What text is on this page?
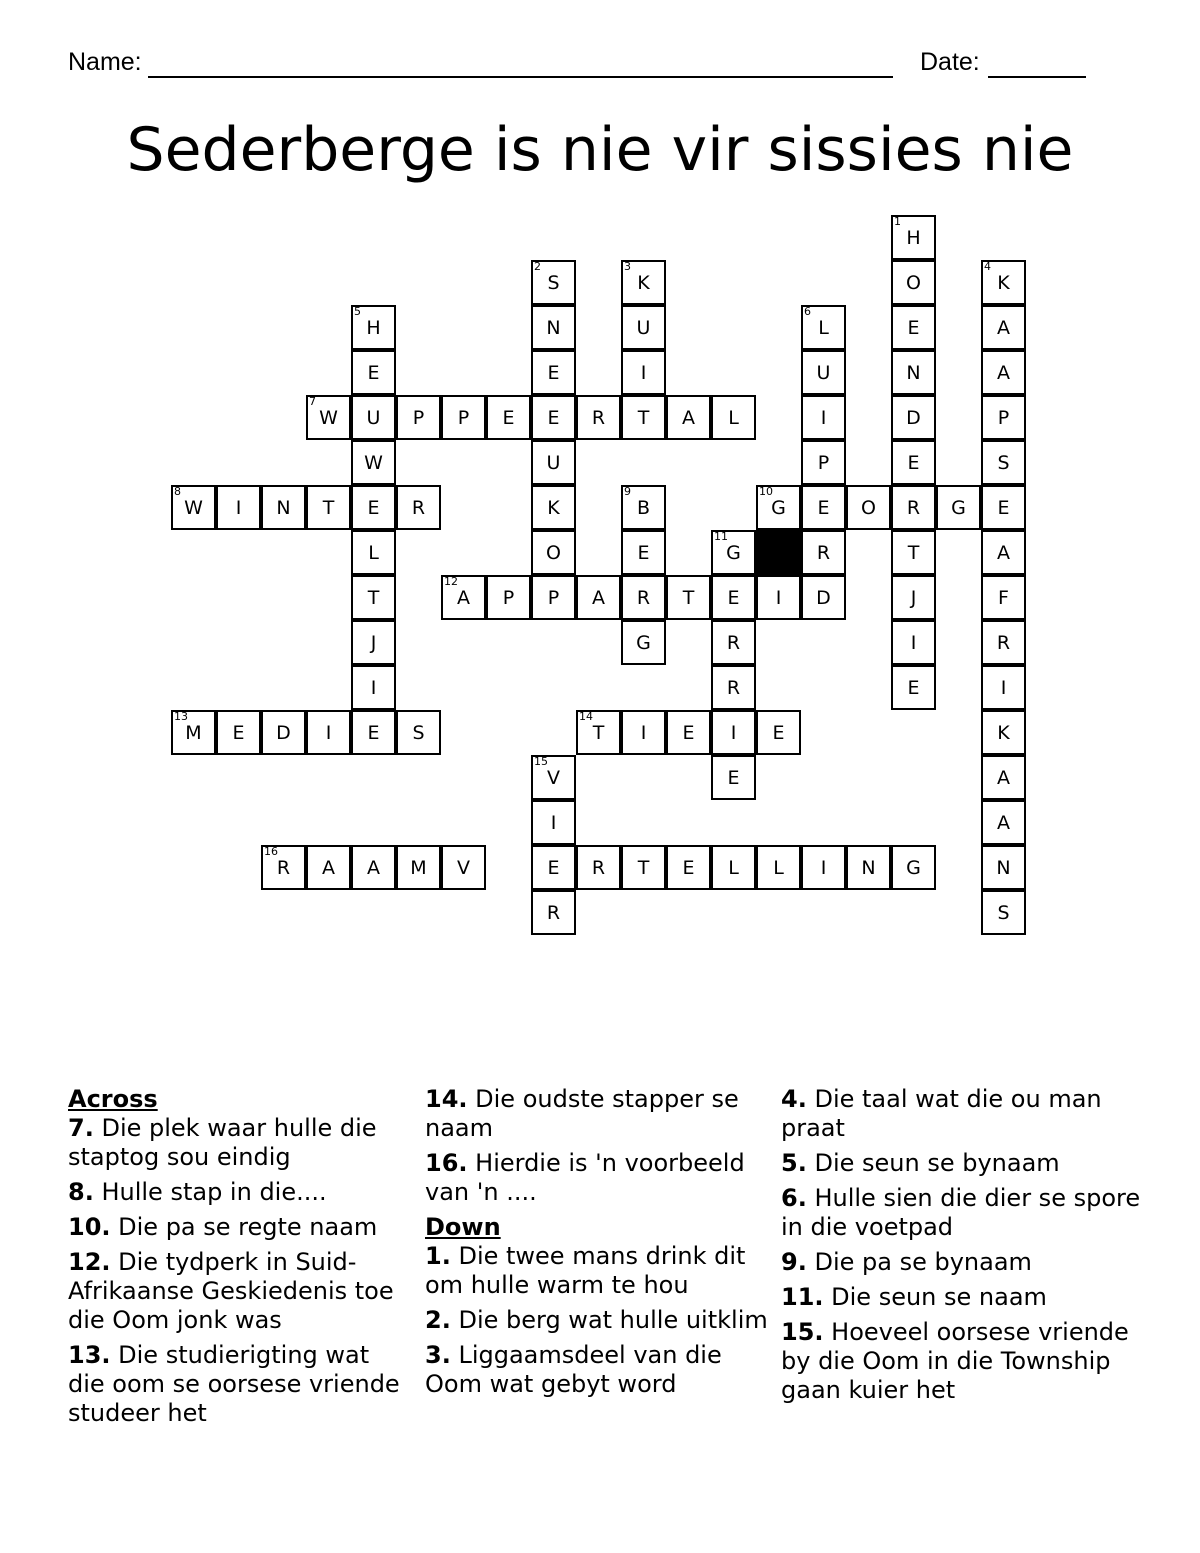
Name:	Date:
Sederberge is nie vir sissies nie
1
H
O
E
N
D
E
R
T
J
I
E
2
S
N
E
E
U
K
O
P
3
K
U
I
T
4
K
A
A
P
S
E
A
F
R
I
K
A
A
N
S
5
H
E
U
W
E
L
T
J
I
E
6
L
U
I
P
E
R
D
7
W	P	P	E	R	A	L
8
W	I	N	T	R
9
B
E
R
G
10
G	O	G
11
G
E
R
R
I
E
12
A	P	A	T	I
13
M	E	D	I	S
14
T	I	E	E
15
V
I
E
R
16
R	A	A	M	V	R	T	E	L	L	I	N	G
Across
7. Die plek waar hulle die staptog sou eindig
8. Hulle stap in die....
10. Die pa se regte naam
12. Die tydperk in Suid-Afrikaanse Geskiedenis toe die Oom jonk was
13. Die studierigting wat die oom se oorsese vriende studeer het
14. Die oudste stapper se naam
16. Hierdie is 'n voorbeeld van 'n ....
Down
1. Die twee mans drink dit om hulle warm te hou
2. Die berg wat hulle uitklim
3. Liggaamsdeel van die Oom wat gebyt word
4. Die taal wat die ou man praat
5. Die seun se bynaam
6. Hulle sien die dier se spore in die voetpad
9. Die pa se bynaam
11. Die seun se naam
15. Hoeveel oorsese vriende by die Oom in die Township gaan kuier het
